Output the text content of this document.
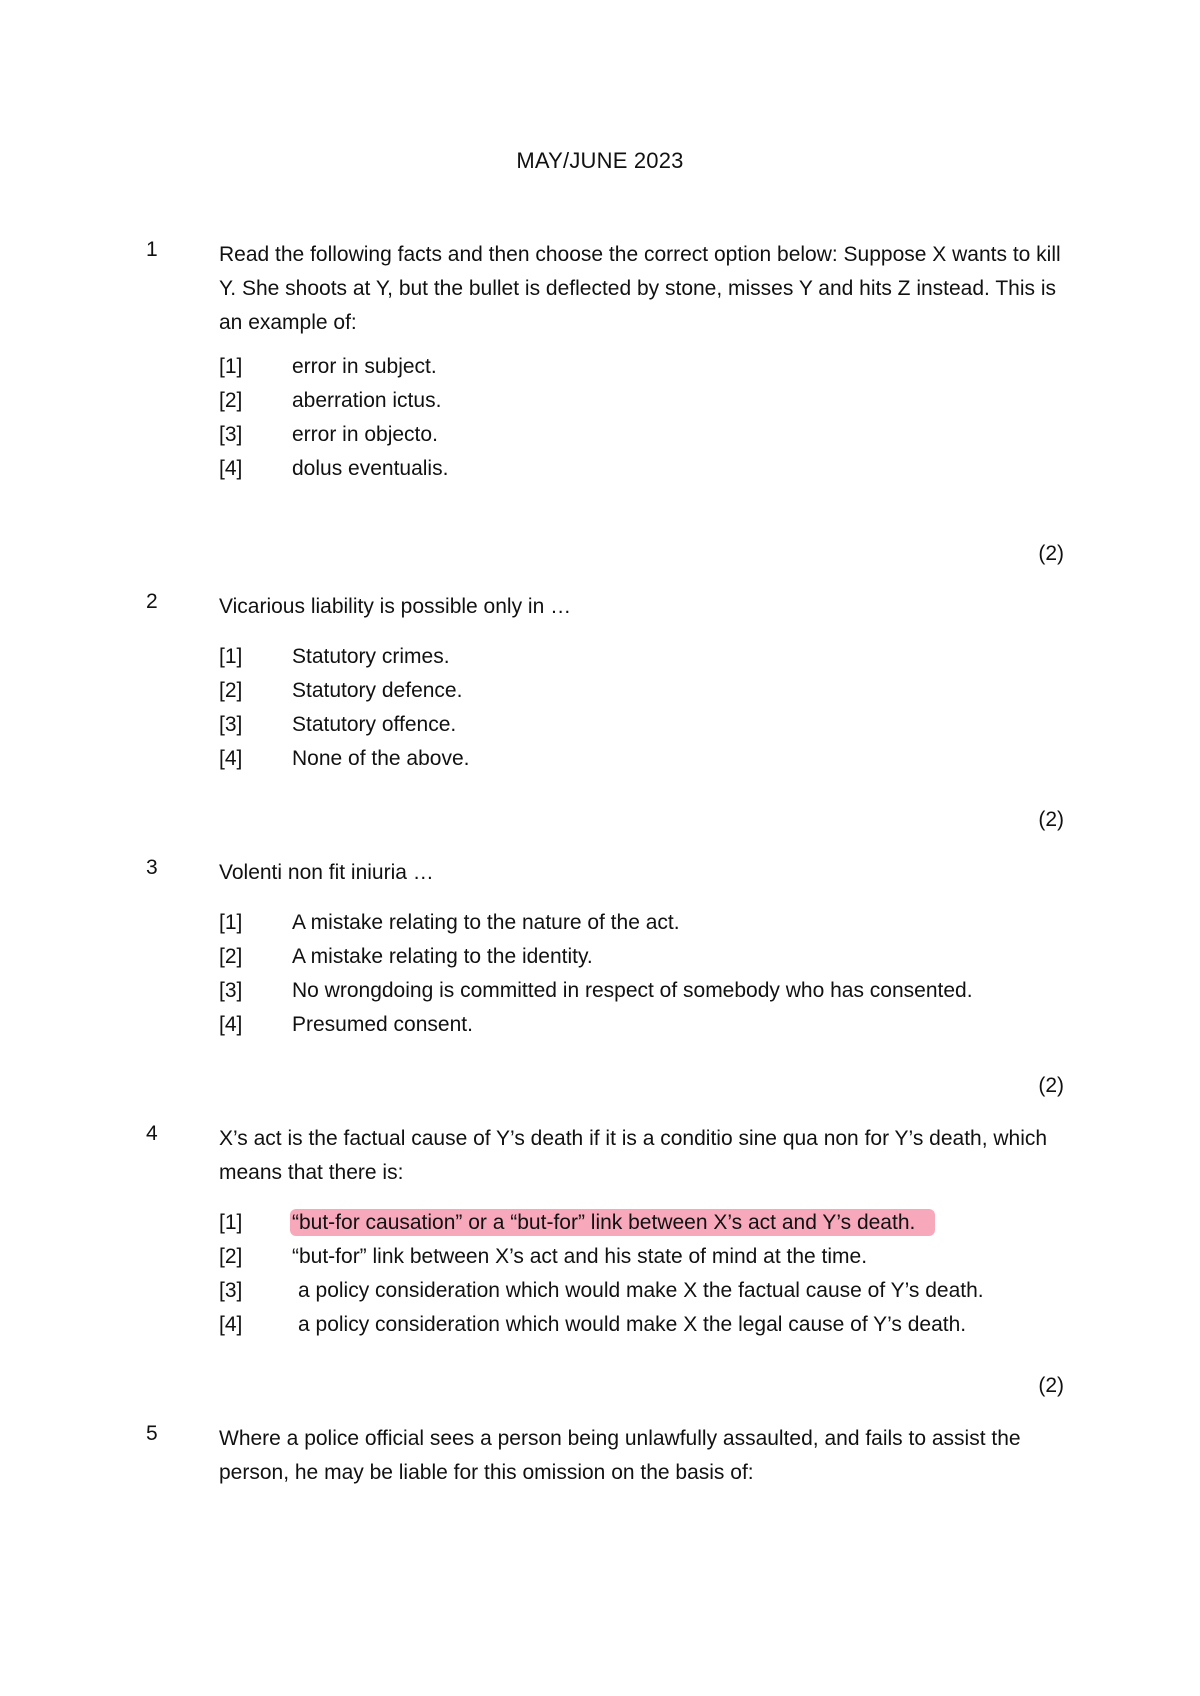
MAY/JUNE 2023
1	Read the following facts and then choose the correct option below: Suppose X wants to kill Y. She shoots at Y, but the bullet is deflected by stone, misses Y and hits Z instead. This is an example of:
[1] error in subject.
[2] aberration ictus.
[3] error in objecto.
[4] dolus eventualis.
(2)
2	Vicarious liability is possible only in …
[1] Statutory crimes.
[2] Statutory defence.
[3] Statutory offence.
[4] None of the above.
(2)
3	Volenti non fit iniuria …
[1] A mistake relating to the nature of the act.
[2] A mistake relating to the identity.
[3] No wrongdoing is committed in respect of somebody who has consented.
[4] Presumed consent.
(2)
4	X’s act is the factual cause of Y’s death if it is a conditio sine qua non for Y’s death, which means that there is:
[1] “but-for causation” or a “but-for” link between X’s act and Y’s death.
[2] “but-for” link between X’s act and his state of mind at the time.
[3]	a policy consideration which would make X the factual cause of Y’s death.
[4]	a policy consideration which would make X the legal cause of Y’s death.
(2)
5	Where a police official sees a person being unlawfully assaulted, and fails to assist the person, he may be liable for this omission on the basis of:
